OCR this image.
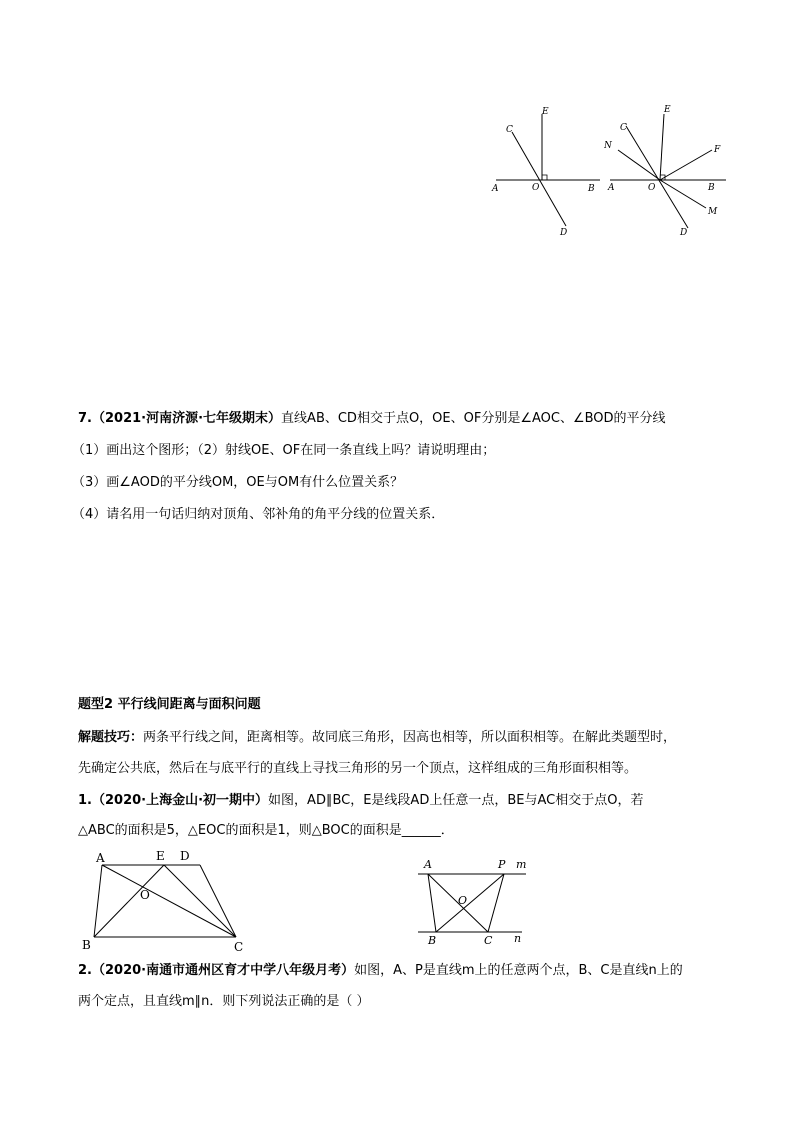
A	B
C
D
E
O	A	B
C
D
E
F
M
N
O
7.（2021·河南济源·七年级期末）直线AB、CD相交于点O，OE、OF分别是∠AOC、∠BOD的平分线
（1）画出这个图形；（2）射线OE、OF在同一条直线上吗？请说明理由；
（3）画∠AOD的平分线OM，OE与OM有什么位置关系？
（4）请名用一句话归纳对顶角、邻补角的角平分线的位置关系．
题型2 平行线间距离与面积问题
解题技巧：两条平行线之间，距离相等。故同底三角形，因高也相等，所以面积相等。在解此类题型时，
先确定公共底，然后在与底平行的直线上寻找三角形的另一个顶点，这样组成的三角形面积相等。
1.（2020·上海金山·初一期中）如图，AD∥BC，E是线段AD上任意一点，BE与AC相交于点O，若
△ABC的面积是5，△EOC的面积是1，则△BOC的面积是______．
A	E D
O
B	C
A	P m
O
B	C n
2.（2020·南通市通州区育才中学八年级月考）如图，A、P是直线m上的任意两个点，B、C是直线n上的
两个定点，且直线m∥n．则下列说法正确的是（ ）
